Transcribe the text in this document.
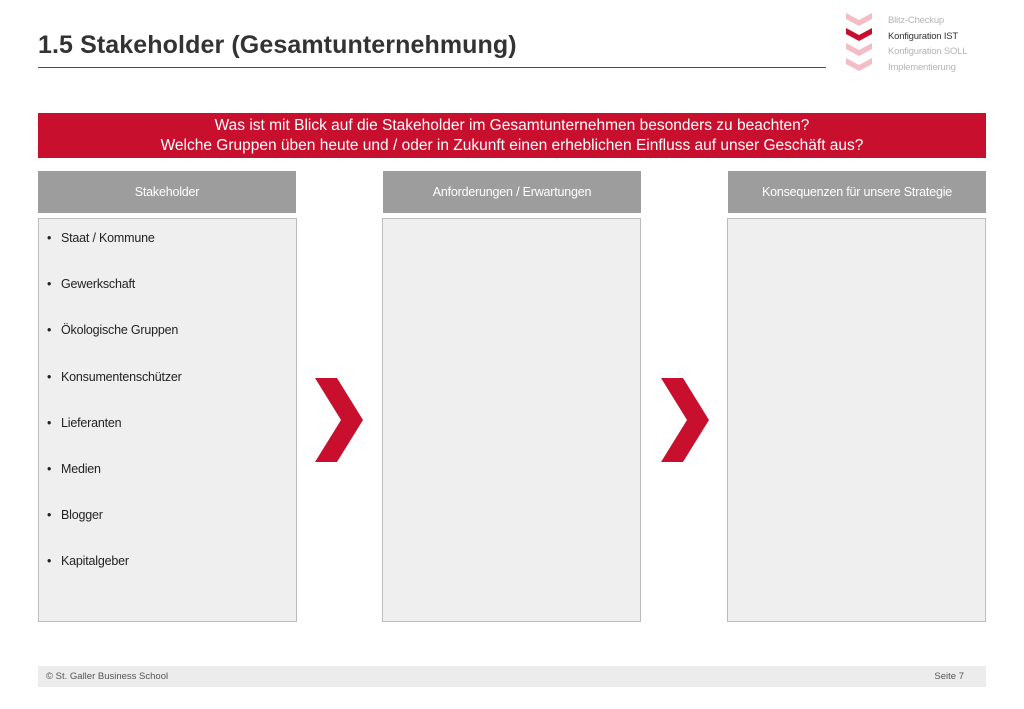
1.5 Stakeholder (Gesamtunternehmung)
Blitz-Checkup
Konfiguration IST
Konfiguration SOLL
Implementierung
Was ist mit Blick auf die Stakeholder im Gesamtunternehmen besonders zu beachten?
Welche Gruppen üben heute und / oder in Zukunft einen erheblichen Einfluss auf unser Geschäft aus?
Stakeholder	Anforderungen / Erwartungen	Konsequenzen für unsere Strategie
• Staat / Kommune
• Gewerkschaft
• Ökologische Gruppen
• Konsumentenschützer
• Lieferanten
• Medien
• Blogger
• Kapitalgeber
© St. Galler Business School	Seite 7
